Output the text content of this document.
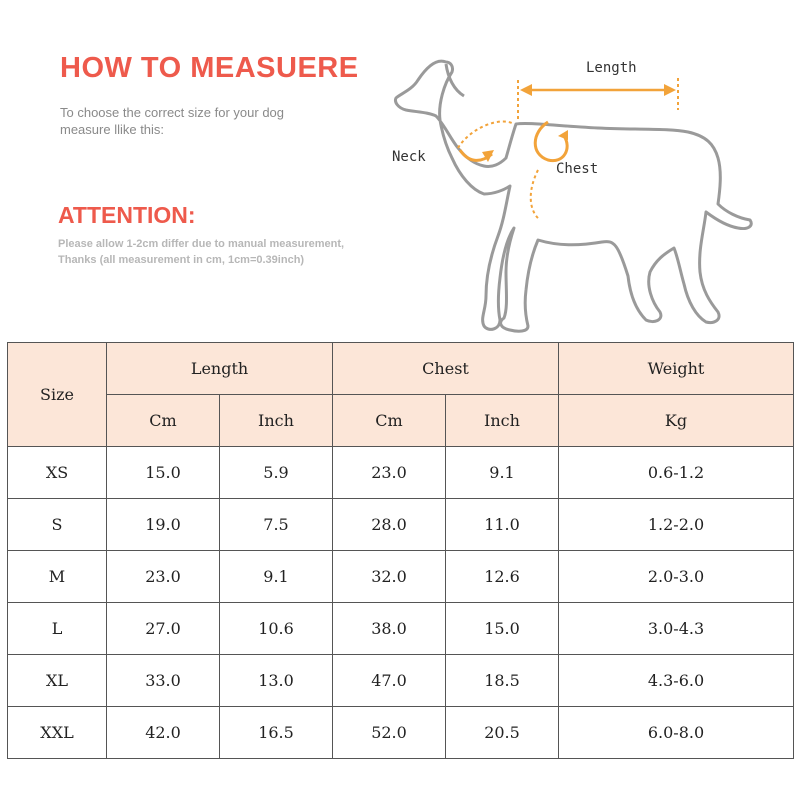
HOW TO MEASUERE
To choose the correct size for your dog
measure llike this:
ATTENTION:
Please allow 1-2cm differ due to manual measurement,
Thanks (all measurement in cm, 1cm=0.39inch)
Length
Neck
Chest
Size	Length		Chest		Weight
	Cm	Inch	Cm	Inch	Kg
XS	15.0	5.9	23.0	9.1	0.6-1.2
S	19.0	7.5	28.0	11.0	1.2-2.0
M	23.0	9.1	32.0	12.6	2.0-3.0
L	27.0	10.6	38.0	15.0	3.0-4.3
XL	33.0	13.0	47.0	18.5	4.3-6.0
XXL	42.0	16.5	52.0	20.5	6.0-8.0
